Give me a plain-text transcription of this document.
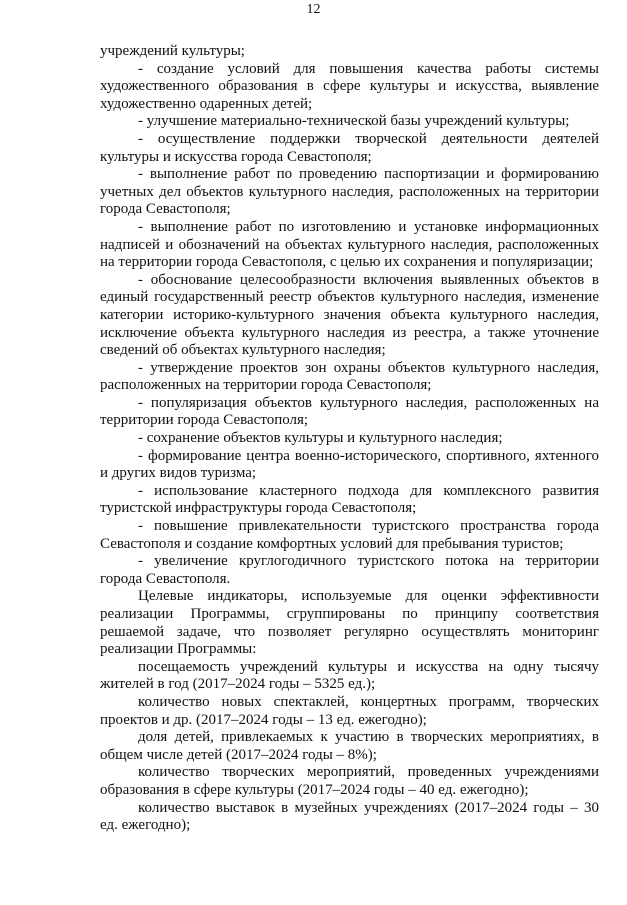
12

учреждений культуры;

- создание условий для повышения качества работы системы художественного образования в сфере культуры и искусства, выявление художественно одаренных детей;

- улучшение материально-технической базы учреждений культуры;

- осуществление поддержки творческой деятельности деятелей культуры и искусства города Севастополя;

- выполнение работ по проведению паспортизации и формированию учетных дел объектов культурного наследия, расположенных на территории города Севастополя;

- выполнение работ по изготовлению и установке информационных надписей и обозначений на объектах культурного наследия, расположенных на территории города Севастополя, с целью их сохранения и популяризации;

- обоснование целесообразности включения выявленных объектов в единый государственный реестр объектов культурного наследия, изменение категории историко-культурного значения объекта культурного наследия, исключение объекта культурного наследия из реестра, а также уточнение сведений об объектах культурного наследия;

- утверждение проектов зон охраны объектов культурного наследия, расположенных на территории города Севастополя;

- популяризация объектов культурного наследия, расположенных на территории города Севастополя;

- сохранение объектов культуры и культурного наследия;

- формирование центра военно-исторического, спортивного, яхтенного и других видов туризма;

- использование кластерного подхода для комплексного развития туристской инфраструктуры города Севастополя;

- повышение привлекательности туристского пространства города Севастополя и создание комфортных условий для пребывания туристов;

- увеличение круглогодичного туристского потока на территории города Севастополя.

Целевые индикаторы, используемые для оценки эффективности реализации Программы, сгруппированы по принципу соответствия решаемой задаче, что позволяет регулярно осуществлять мониторинг реализации Программы:

посещаемость учреждений культуры и искусства на одну тысячу жителей в год (2017–2024 годы – 5325 ед.);

количество новых спектаклей, концертных программ, творческих проектов и др. (2017–2024 годы – 13 ед. ежегодно);

доля детей, привлекаемых к участию в творческих мероприятиях, в общем числе детей (2017–2024 годы – 8%);

количество творческих мероприятий, проведенных учреждениями образования в сфере культуры (2017–2024 годы – 40 ед. ежегодно);

количество выставок в музейных учреждениях (2017–2024 годы – 30 ед. ежегодно);
